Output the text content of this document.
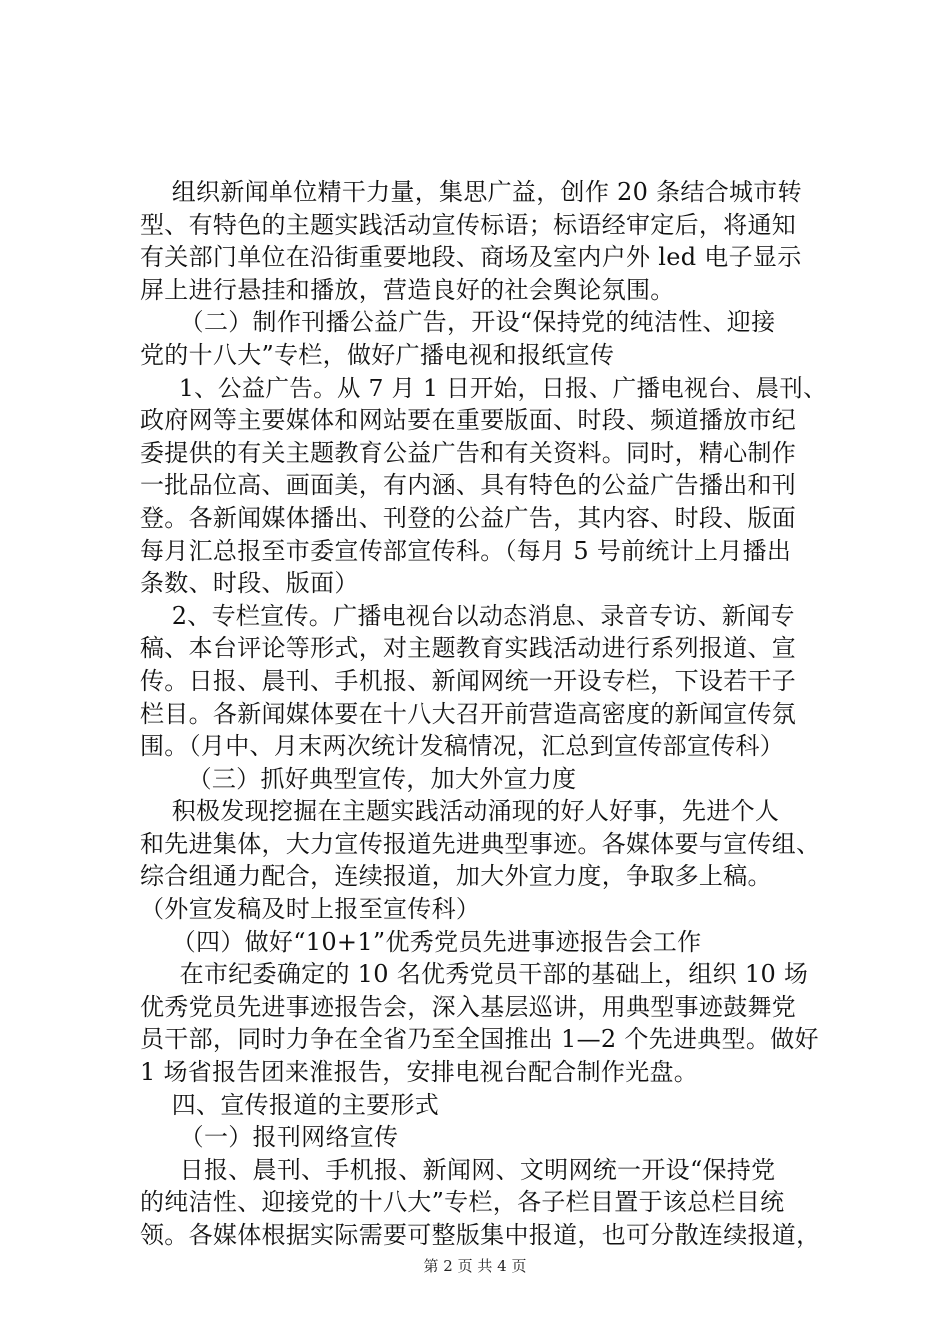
组织新闻单位精干力量，集思广益，创作 20 条结合城市转
型、有特色的主题实践活动宣传标语；标语经审定后，将通知
有关部门单位在沿街重要地段、商场及室内户外 led 电子显示
屏上进行悬挂和播放，营造良好的社会舆论氛围。
（二）制作刊播公益广告，开设“保持党的纯洁性、迎接
党的十八大”专栏，做好广播电视和报纸宣传
1、公益广告。从 7 月 1 日开始，日报、广播电视台、晨刊、
政府网等主要媒体和网站要在重要版面、时段、频道播放市纪
委提供的有关主题教育公益广告和有关资料。同时，精心制作
一批品位高、画面美，有内涵、具有特色的公益广告播出和刊
登。各新闻媒体播出、刊登的公益广告，其内容、时段、版面
每月汇总报至市委宣传部宣传科。（每月 5 号前统计上月播出
条数、时段、版面）
2、专栏宣传。广播电视台以动态消息、录音专访、新闻专
稿、本台评论等形式，对主题教育实践活动进行系列报道、宣
传。日报、晨刊、手机报、新闻网统一开设专栏，下设若干子
栏目。各新闻媒体要在十八大召开前营造高密度的新闻宣传氛
围。（月中、月末两次统计发稿情况，汇总到宣传部宣传科）
（三）抓好典型宣传，加大外宣力度
积极发现挖掘在主题实践活动涌现的好人好事，先进个人
和先进集体，大力宣传报道先进典型事迹。各媒体要与宣传组、
综合组通力配合，连续报道，加大外宣力度，争取多上稿。
（外宣发稿及时上报至宣传科）
（四）做好“10+1”优秀党员先进事迹报告会工作
在市纪委确定的 10 名优秀党员干部的基础上，组织 10 场
优秀党员先进事迹报告会，深入基层巡讲，用典型事迹鼓舞党
员干部，同时力争在全省乃至全国推出 1—2 个先进典型。做好
1 场省报告团来淮报告，安排电视台配合制作光盘。
四、宣传报道的主要形式
（一）报刊网络宣传
日报、晨刊、手机报、新闻网、文明网统一开设“保持党
的纯洁性、迎接党的十八大”专栏，各子栏目置于该总栏目统
领。各媒体根据实际需要可整版集中报道，也可分散连续报道，
第 2 页 共 4 页
